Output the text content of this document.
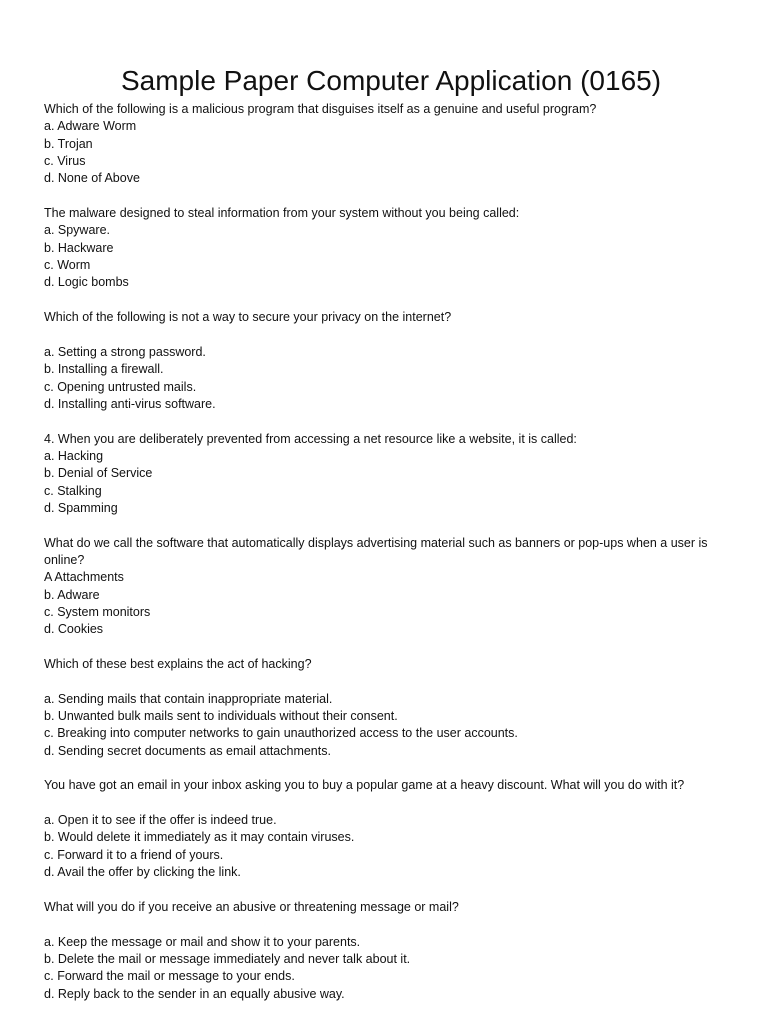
Sample Paper Computer Application (0165)
Which of the following is a malicious program that disguises itself as a genuine and useful program?
a. Adware Worm
b. Trojan
c. Virus
d. None of Above
The malware designed to steal information from your system without you being called:
a. Spyware.
b. Hackware
c. Worm
d. Logic bombs
Which of the following is not a way to secure your privacy on the internet?
a. Setting a strong password.
b. Installing a firewall.
c. Opening untrusted mails.
d. Installing anti-virus software.
4. When you are deliberately prevented from accessing a net resource like a website, it is called:
a. Hacking
b. Denial of Service
c. Stalking
d. Spamming
What do we call the software that automatically displays advertising material such as banners or pop-ups when a user is online?
A Attachments
b. Adware
c. System monitors
d. Cookies
Which of these best explains the act of hacking?
a. Sending mails that contain inappropriate material.
b. Unwanted bulk mails sent to individuals without their consent.
c. Breaking into computer networks to gain unauthorized access to the user accounts.
d. Sending secret documents as email attachments.
You have got an email in your inbox asking you to buy a popular game at a heavy discount. What will you do with it?
a. Open it to see if the offer is indeed true.
b. Would delete it immediately as it may contain viruses.
c. Forward it to a friend of yours.
d. Avail the offer by clicking the link.
What will you do if you receive an abusive or threatening message or mail?
a. Keep the message or mail and show it to your parents.
b. Delete the mail or message immediately and never talk about it.
c. Forward the mail or message to your ends.
d. Reply back to the sender in an equally abusive way.
